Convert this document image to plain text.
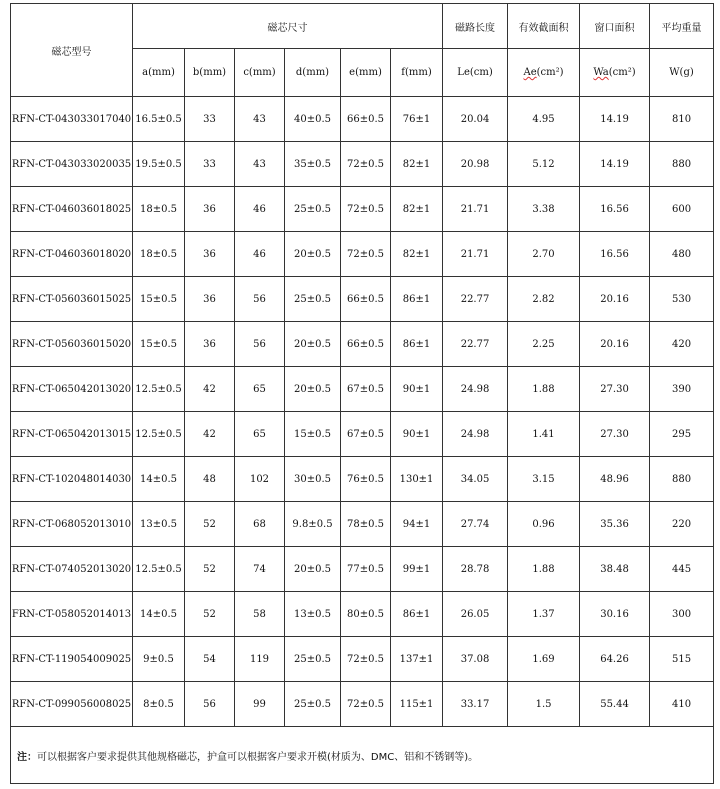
磁芯型号	磁芯尺寸						磁路长度	有效截面积	窗口面积	平均重量
	a(mm)	b(mm)	c(mm)	d(mm)	e(mm)	f(mm)	Le(cm)	Ae(cm²)	Wa(cm²)	W(g)
RFN-CT-043033017040	16.5±0.5	33	43	40±0.5	66±0.5	76±1	20.04	4.95	14.19	810
RFN-CT-043033020035	19.5±0.5	33	43	35±0.5	72±0.5	82±1	20.98	5.12	14.19	880
RFN-CT-046036018025	18±0.5	36	46	25±0.5	72±0.5	82±1	21.71	3.38	16.56	600
RFN-CT-046036018020	18±0.5	36	46	20±0.5	72±0.5	82±1	21.71	2.70	16.56	480
RFN-CT-056036015025	15±0.5	36	56	25±0.5	66±0.5	86±1	22.77	2.82	20.16	530
RFN-CT-056036015020	15±0.5	36	56	20±0.5	66±0.5	86±1	22.77	2.25	20.16	420
RFN-CT-065042013020	12.5±0.5	42	65	20±0.5	67±0.5	90±1	24.98	1.88	27.30	390
RFN-CT-065042013015	12.5±0.5	42	65	15±0.5	67±0.5	90±1	24.98	1.41	27.30	295
RFN-CT-102048014030	14±0.5	48	102	30±0.5	76±0.5	130±1	34.05	3.15	48.96	880
RFN-CT-068052013010	13±0.5	52	68	9.8±0.5	78±0.5	94±1	27.74	0.96	35.36	220
RFN-CT-074052013020	12.5±0.5	52	74	20±0.5	77±0.5	99±1	28.78	1.88	38.48	445
FRN-CT-058052014013	14±0.5	52	58	13±0.5	80±0.5	86±1	26.05	1.37	30.16	300
RFN-CT-119054009025	9±0.5	54	119	25±0.5	72±0.5	137±1	37.08	1.69	64.26	515
RFN-CT-099056008025	8±0.5	56	99	25±0.5	72±0.5	115±1	33.17	1.5	55.44	410
注：可以根据客户要求提供其他规格磁芯，护盒可以根据客户要求开模(材质为、DMC、铝和不锈钢等)。										
